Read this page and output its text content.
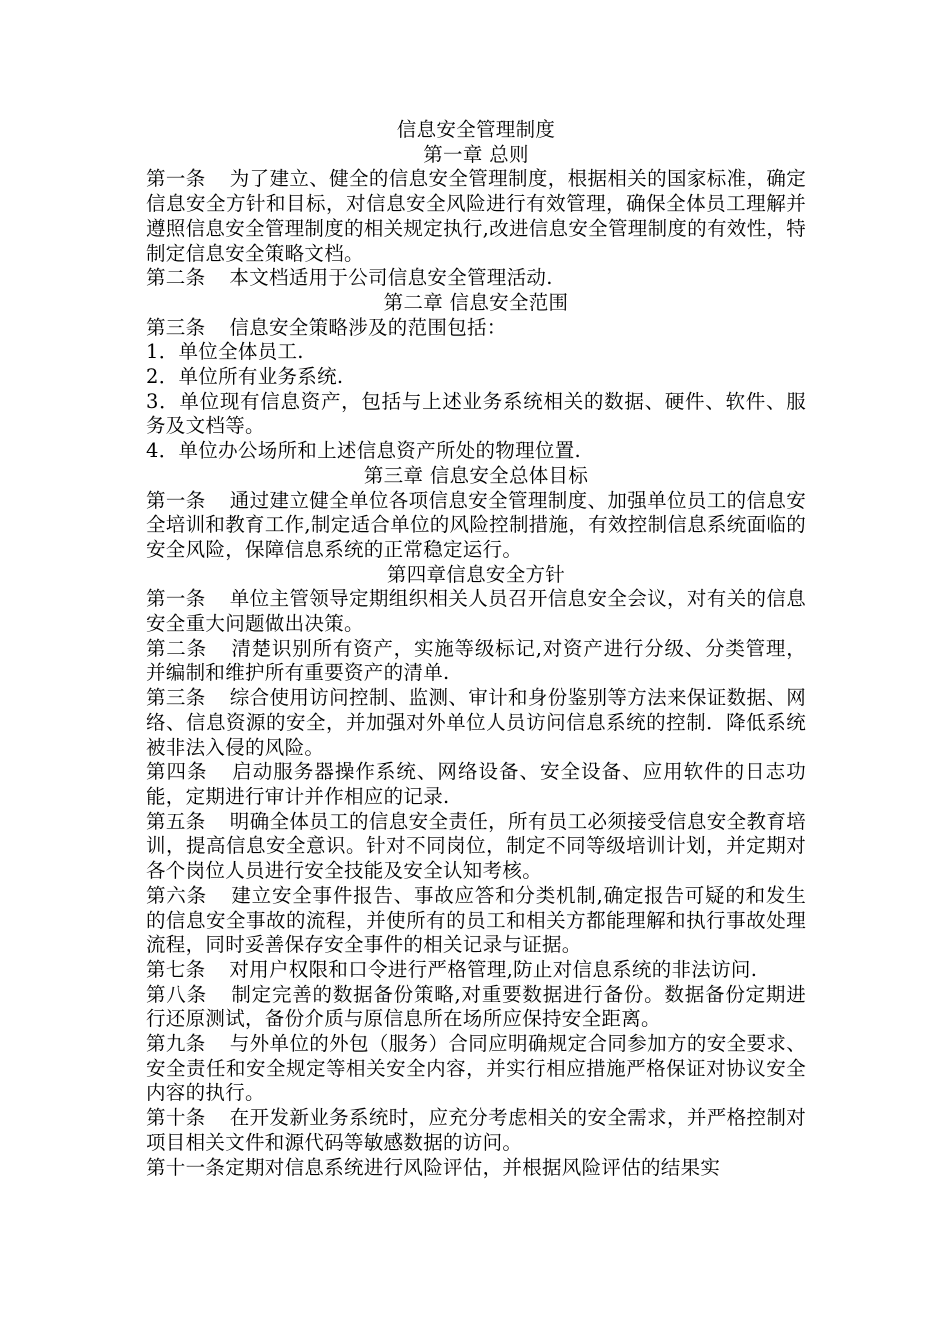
信息安全管理制度

第一章 总则

第一条 为了建立、健全的信息安全管理制度，根据相关的国家标准，确定信息安全方针和目标，对信息安全风险进行有效管理，确保全体员工理解并遵照信息安全管理制度的相关规定执行,改进信息安全管理制度的有效性，特制定信息安全策略文档。

第二条 本文档适用于公司信息安全管理活动.

第二章 信息安全范围

第三条 信息安全策略涉及的范围包括：

1．单位全体员工.

2．单位所有业务系统.

3．单位现有信息资产，包括与上述业务系统相关的数据、硬件、软件、服务及文档等。

4．单位办公场所和上述信息资产所处的物理位置.

第三章 信息安全总体目标

第一条 通过建立健全单位各项信息安全管理制度、加强单位员工的信息安全培训和教育工作,制定适合单位的风险控制措施，有效控制信息系统面临的安全风险，保障信息系统的正常稳定运行。

第四章信息安全方针

第一条 单位主管领导定期组织相关人员召开信息安全会议，对有关的信息安全重大问题做出决策。

第二条 清楚识别所有资产，实施等级标记,对资产进行分级、分类管理，并编制和维护所有重要资产的清单.

第三条 综合使用访问控制、监测、审计和身份鉴别等方法来保证数据、网络、信息资源的安全，并加强对外单位人员访问信息系统的控制．降低系统被非法入侵的风险。

第四条 启动服务器操作系统、网络设备、安全设备、应用软件的日志功能，定期进行审计并作相应的记录.

第五条 明确全体员工的信息安全责任，所有员工必须接受信息安全教育培训，提高信息安全意识。针对不同岗位，制定不同等级培训计划，并定期对各个岗位人员进行安全技能及安全认知考核。

第六条 建立安全事件报告、事故应答和分类机制,确定报告可疑的和发生的信息安全事故的流程，并使所有的员工和相关方都能理解和执行事故处理流程，同时妥善保存安全事件的相关记录与证据。

第七条 对用户权限和口令进行严格管理,防止对信息系统的非法访问.

第八条 制定完善的数据备份策略,对重要数据进行备份。数据备份定期进行还原测试，备份介质与原信息所在场所应保持安全距离。

第九条 与外单位的外包（服务）合同应明确规定合同参加方的安全要求、安全责任和安全规定等相关安全内容，并实行相应措施严格保证对协议安全内容的执行。

第十条 在开发新业务系统时，应充分考虑相关的安全需求，并严格控制对项目相关文件和源代码等敏感数据的访问。

第十一条定期对信息系统进行风险评估，并根据风险评估的结果实
